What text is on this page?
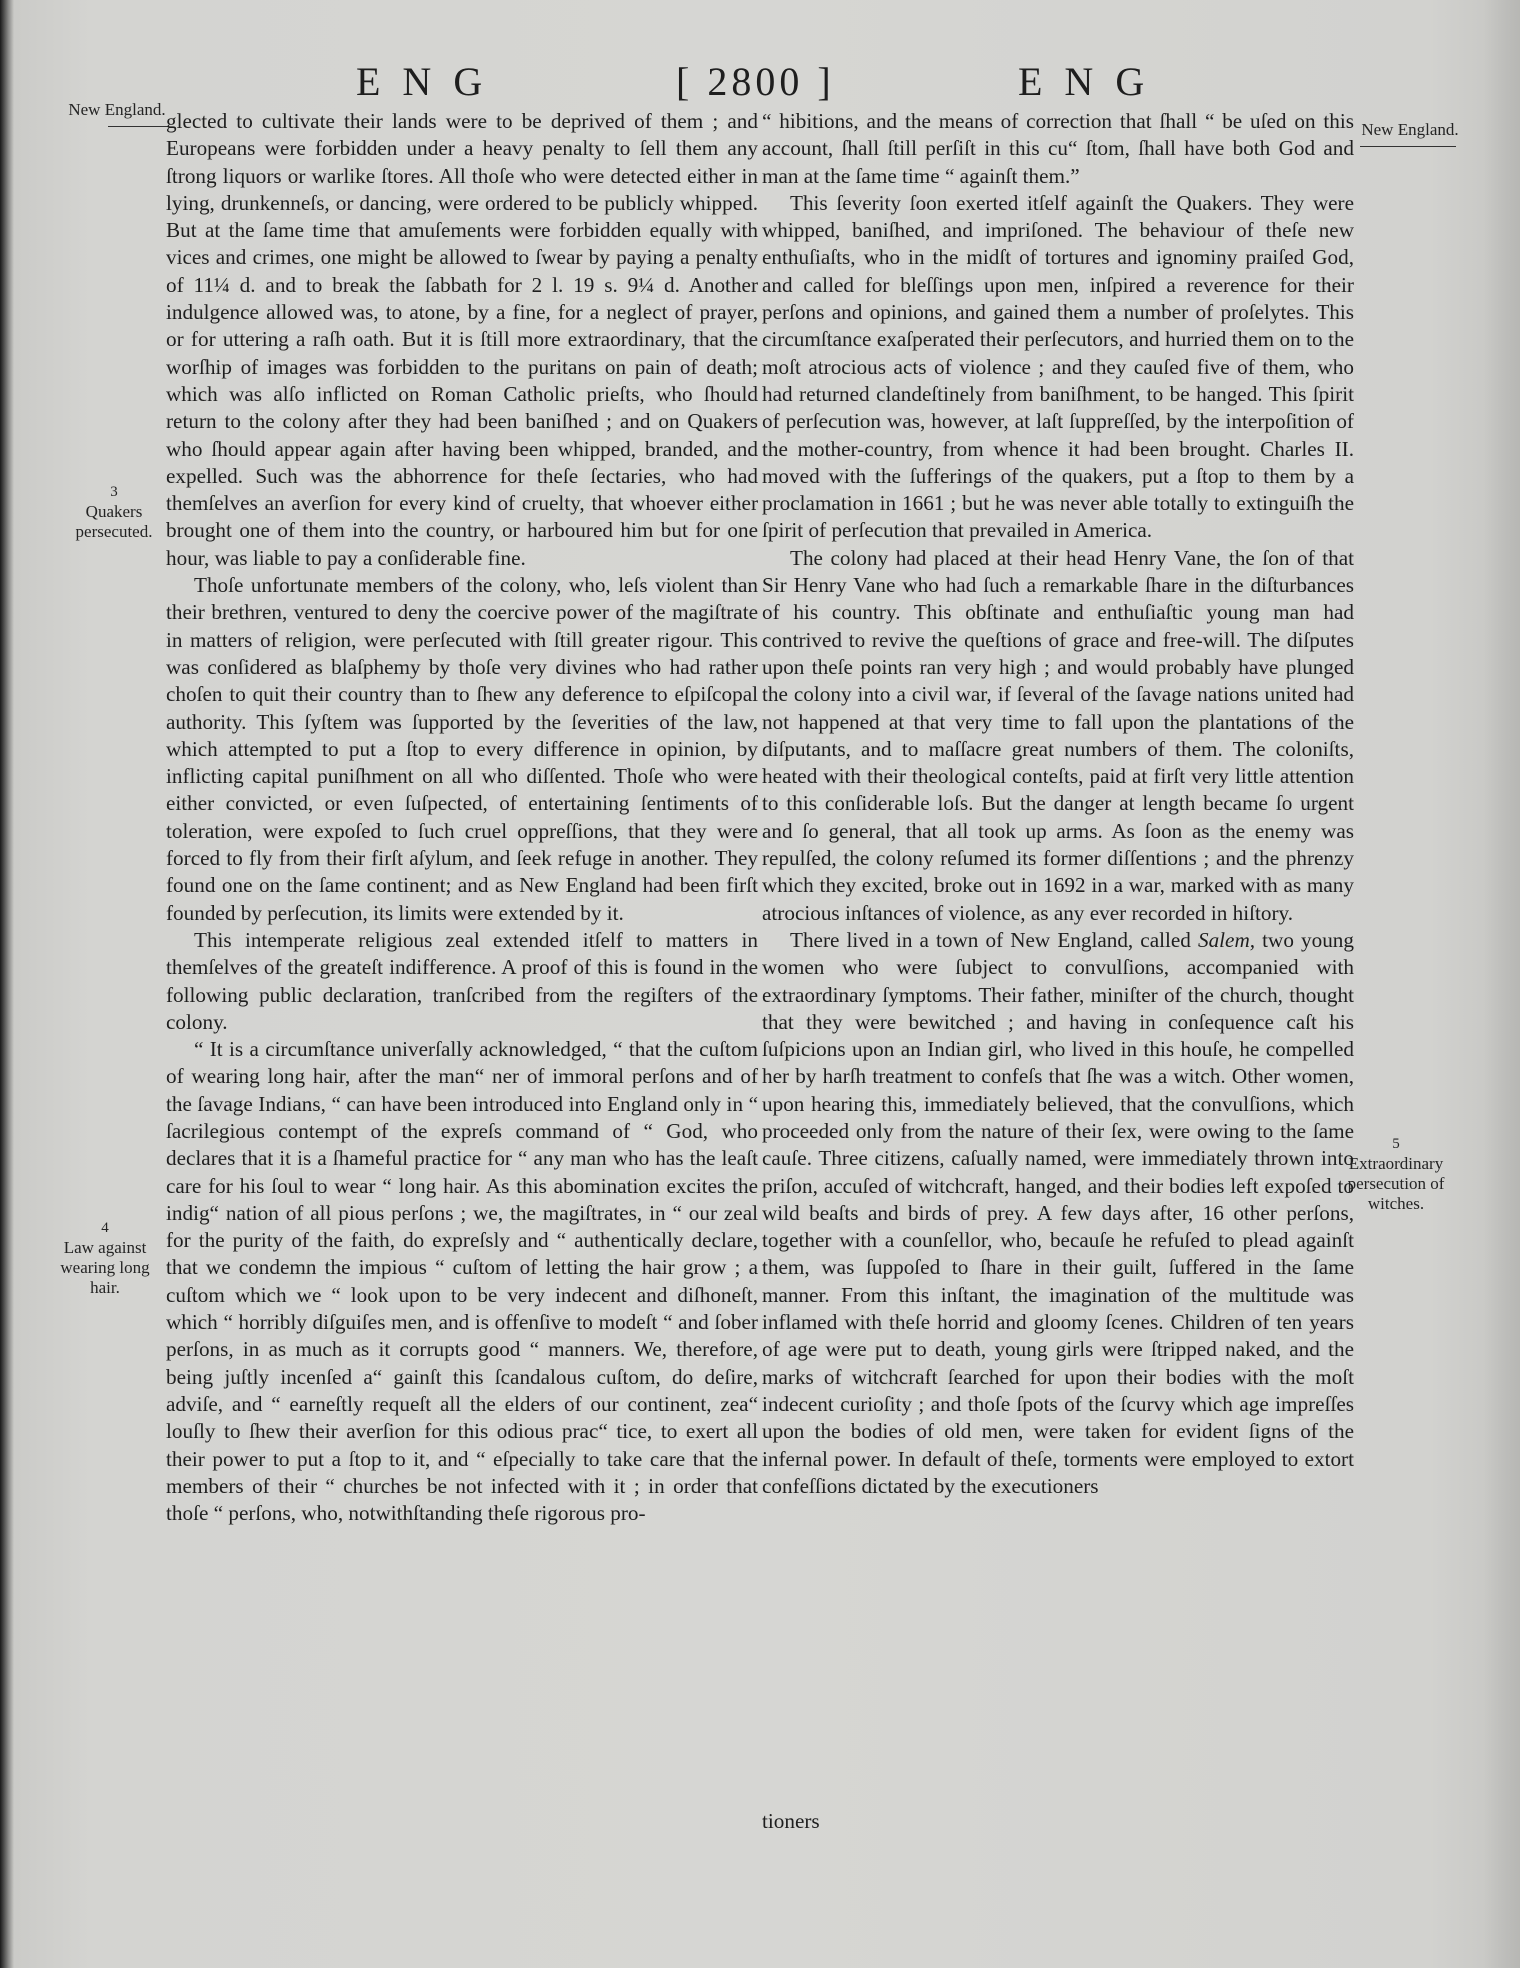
ENG	[ 2800 ]	ENG
New England.
3
Quakers persecuted.
4
Law against wearing long hair.
New England.
5
Extraordinary persecution of witches.

glected to cultivate their lands were to be deprived of them ; and Europeans were forbidden under a heavy penalty to ſell them any ſtrong liquors or warlike ſtores. All thoſe who were detected either in lying, drunkenneſs, or dancing, were ordered to be publicly whipped. But at the ſame time that amuſements were forbidden equally with vices and crimes, one might be allowed to ſwear by paying a penalty of 11¼ d. and to break the ſabbath for 2 l. 19 s. 9¼ d. Another indulgence allowed was, to atone, by a fine, for a neglect of prayer, or for uttering a raſh oath. But it is ſtill more extraordinary, that the worſhip of images was forbidden to the puritans on pain of death; which was alſo inflicted on Roman Catholic prieſts, who ſhould return to the colony after they had been baniſhed ; and on Quakers who ſhould appear again after having been whipped, branded, and expelled. Such was the abhorrence for theſe ſectaries, who had themſelves an averſion for every kind of cruelty, that whoever either brought one of them into the country, or harboured him but for one hour, was liable to pay a conſiderable fine.

Thoſe unfortunate members of the colony, who, leſs violent than their brethren, ventured to deny the coercive power of the magiſtrate in matters of religion, were perſecuted with ſtill greater rigour. This was conſidered as blaſphemy by thoſe very divines who had rather choſen to quit their country than to ſhew any deference to eſpiſcopal authority. This ſyſtem was ſupported by the ſeverities of the law, which attempted to put a ſtop to every difference in opinion, by inflicting capital puniſhment on all who diſſented. Thoſe who were either convicted, or even ſuſpected, of entertaining ſentiments of toleration, were expoſed to ſuch cruel oppreſſions, that they were forced to fly from their firſt aſylum, and ſeek refuge in another. They found one on the ſame continent; and as New England had been firſt founded by perſecution, its limits were extended by it.

This intemperate religious zeal extended itſelf to matters in themſelves of the greateſt indifference. A proof of this is found in the following public declaration, tranſcribed from the regiſters of the colony.

“ It is a circumſtance univerſally acknowledged, “ that the cuſtom of wearing long hair, after the man“ ner of immoral perſons and of the ſavage Indians, “ can have been introduced into England only in “ ſacrilegious contempt of the expreſs command of “ God, who declares that it is a ſhameful practice for “ any man who has the leaſt care for his ſoul to wear “ long hair. As this abomination excites the indig“ nation of all pious perſons ; we, the magiſtrates, in “ our zeal for the purity of the faith, do expreſsly and “ authentically declare, that we condemn the impious “ cuſtom of letting the hair grow ; a cuſtom which we “ look upon to be very indecent and diſhoneſt, which “ horribly diſguiſes men, and is offenſive to modeſt “ and ſober perſons, in as much as it corrupts good “ manners. We, therefore, being juſtly incenſed a“ gainſt this ſcandalous cuſtom, do deſire, adviſe, and “ earneſtly requeſt all the elders of our continent, zea“ louſly to ſhew their averſion for this odious prac“ tice, to exert all their power to put a ſtop to it, and “ eſpecially to take care that the members of their “ churches be not infected with it ; in order that thoſe “ perſons, who, notwithſtanding theſe rigorous pro-

“ hibitions, and the means of correction that ſhall “ be uſed on this account, ſhall ſtill perſiſt in this cu“ ſtom, ſhall have both God and man at the ſame time “ againſt them.”

This ſeverity ſoon exerted itſelf againſt the Quakers. They were whipped, baniſhed, and impriſoned. The behaviour of theſe new enthuſiaſts, who in the midſt of tortures and ignominy praiſed God, and called for bleſſings upon men, inſpired a reverence for their perſons and opinions, and gained them a number of proſelytes. This circumſtance exaſperated their perſecutors, and hurried them on to the moſt atrocious acts of violence ; and they cauſed five of them, who had returned clandeſtinely from baniſhment, to be hanged. This ſpirit of perſecution was, however, at laſt ſuppreſſed, by the interpoſition of the mother-country, from whence it had been brought. Charles II. moved with the ſufferings of the quakers, put a ſtop to them by a proclamation in 1661 ; but he was never able totally to extinguiſh the ſpirit of perſecution that prevailed in America.

The colony had placed at their head Henry Vane, the ſon of that Sir Henry Vane who had ſuch a remarkable ſhare in the diſturbances of his country. This obſtinate and enthuſiaſtic young man had contrived to revive the queſtions of grace and free-will. The diſputes upon theſe points ran very high ; and would probably have plunged the colony into a civil war, if ſeveral of the ſavage nations united had not happened at that very time to fall upon the plantations of the diſputants, and to maſſacre great numbers of them. The coloniſts, heated with their theological conteſts, paid at firſt very little attention to this conſiderable loſs. But the danger at length became ſo urgent and ſo general, that all took up arms. As ſoon as the enemy was repulſed, the colony reſumed its former diſſentions ; and the phrenzy which they excited, broke out in 1692 in a war, marked with as many atrocious inſtances of violence, as any ever recorded in hiſtory.

There lived in a town of New England, called Salem, two young women who were ſubject to convulſions, accompanied with extraordinary ſymptoms. Their father, miniſter of the church, thought that they were bewitched ; and having in conſequence caſt his ſuſpicions upon an Indian girl, who lived in this houſe, he compelled her by harſh treatment to confeſs that ſhe was a witch. Other women, upon hearing this, immediately believed, that the convulſions, which proceeded only from the nature of their ſex, were owing to the ſame cauſe. Three citizens, caſually named, were immediately thrown into priſon, accuſed of witchcraft, hanged, and their bodies left expoſed to wild beaſts and birds of prey. A few days after, 16 other perſons, together with a counſellor, who, becauſe he refuſed to plead againſt them, was ſuppoſed to ſhare in their guilt, ſuffered in the ſame manner. From this inſtant, the imagination of the multitude was inflamed with theſe horrid and gloomy ſcenes. Children of ten years of age were put to death, young girls were ſtripped naked, and the marks of witchcraft ſearched for upon their bodies with the moſt indecent curioſity ; and thoſe ſpots of the ſcurvy which age impreſſes upon the bodies of old men, were taken for evident ſigns of the infernal power. In default of theſe, torments were employed to extort confeſſions dictated by the executioners

tioners
